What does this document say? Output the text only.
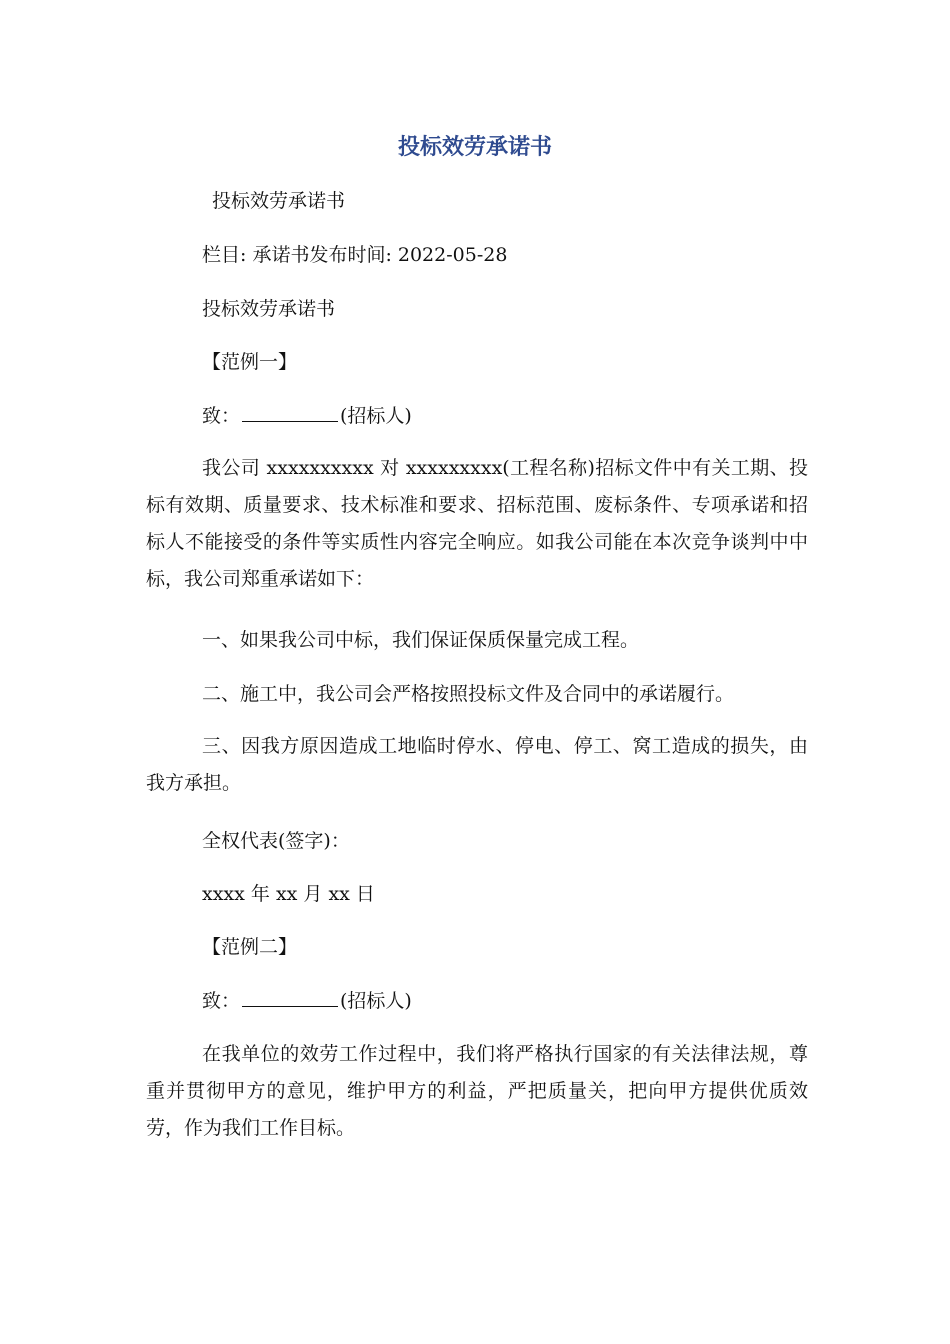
投标效劳承诺书
投标效劳承诺书
栏目: 承诺书发布时间: 2022-05-28
投标效劳承诺书
【范例一】
致：	(招标人)
我公司 xxxxxxxxxx 对 xxxxxxxxx(工程名称)招标文件中有关工期、投标有效期、质量要求、技术标准和要求、招标范围、废标条件、专项承诺和招标人不能接受的条件等实质性内容完全响应。如我公司能在本次竞争谈判中中标，我公司郑重承诺如下：
一、如果我公司中标，我们保证保质保量完成工程。
二、施工中，我公司会严格按照投标文件及合同中的承诺履行。
三、因我方原因造成工地临时停水、停电、停工、窝工造成的损失，由我方承担。
全权代表(签字)：
xxxx 年 xx 月 xx 日
【范例二】
致：	(招标人)
在我单位的效劳工作过程中，我们将严格执行国家的有关法律法规，尊重并贯彻甲方的意见，维护甲方的利益，严把质量关，把向甲方提供优质效劳，作为我们工作目标。
